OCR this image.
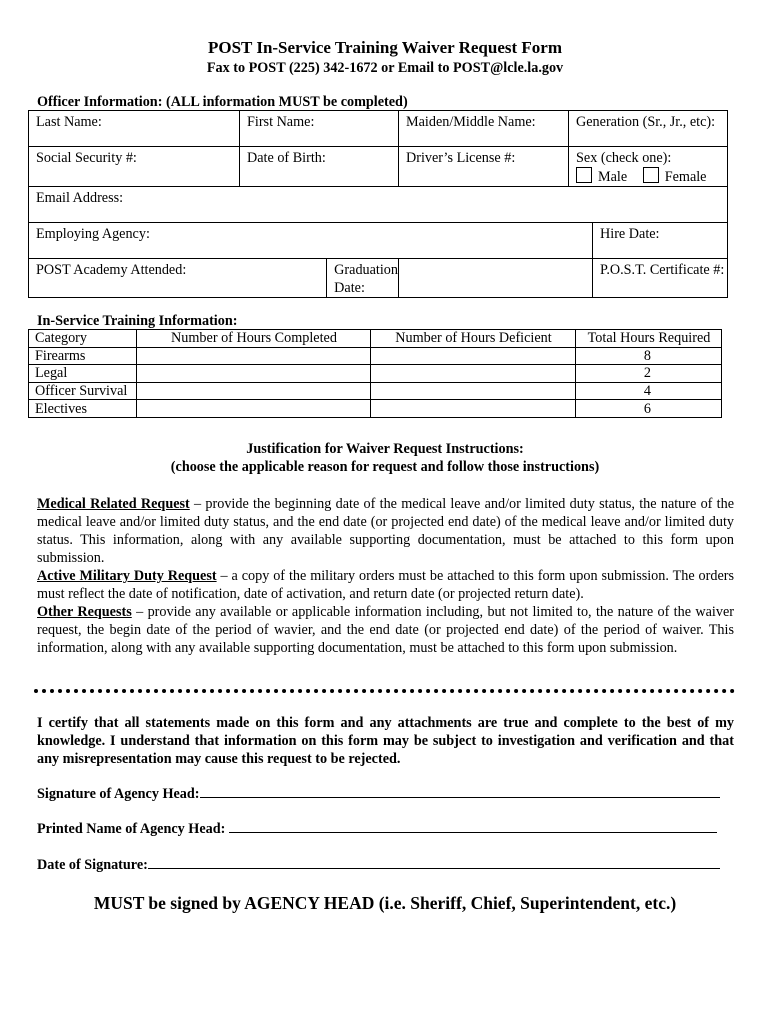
POST In-Service Training Waiver Request Form
Fax to POST (225) 342-1672 or Email to POST@lcle.la.gov
Officer Information: (ALL information MUST be completed)
Last Name:	First Name:	Maiden/Middle Name:	Generation (Sr., Jr., etc):	
Social Security #:	Date of Birth:	Driver’s License #:	Sex (check one):
Male Female	

Email Address:				
Employing Agency:				Hire Date:

POST Academy Attended: Graduation Date:				P.O.S.T. Certificate #:
In-Service Training Information:
Category	Number of Hours Completed	Number of Hours Deficient	Total Hours Required
Firearms			8
Legal			2
Officer Survival			4
Electives			6
Justification for Waiver Request Instructions:
(choose the applicable reason for request and follow those instructions)
Medical Related Request – provide the beginning date of the medical leave and/or limited duty status, the nature of the medical leave and/or limited duty status, and the end date (or projected end date) of the medical leave and/or limited duty status. This information, along with any available supporting documentation, must be attached to this form upon submission.
Active Military Duty Request – a copy of the military orders must be attached to this form upon submission. The orders must reflect the date of notification, date of activation, and return date (or projected return date).
Other Requests – provide any available or applicable information including, but not limited to, the nature of the waiver request, the begin date of the period of wavier, and the end date (or projected end date) of the period of waiver. This information, along with any available supporting documentation, must be attached to this form upon submission.
I certify that all statements made on this form and any attachments are true and complete to the best of my knowledge. I understand that information on this form may be subject to investigation and verification and that any misrepresentation may cause this request to be rejected.
Signature of Agency Head:
Printed Name of Agency Head:
Date of Signature:
MUST be signed by AGENCY HEAD (i.e. Sheriff, Chief, Superintendent, etc.)
